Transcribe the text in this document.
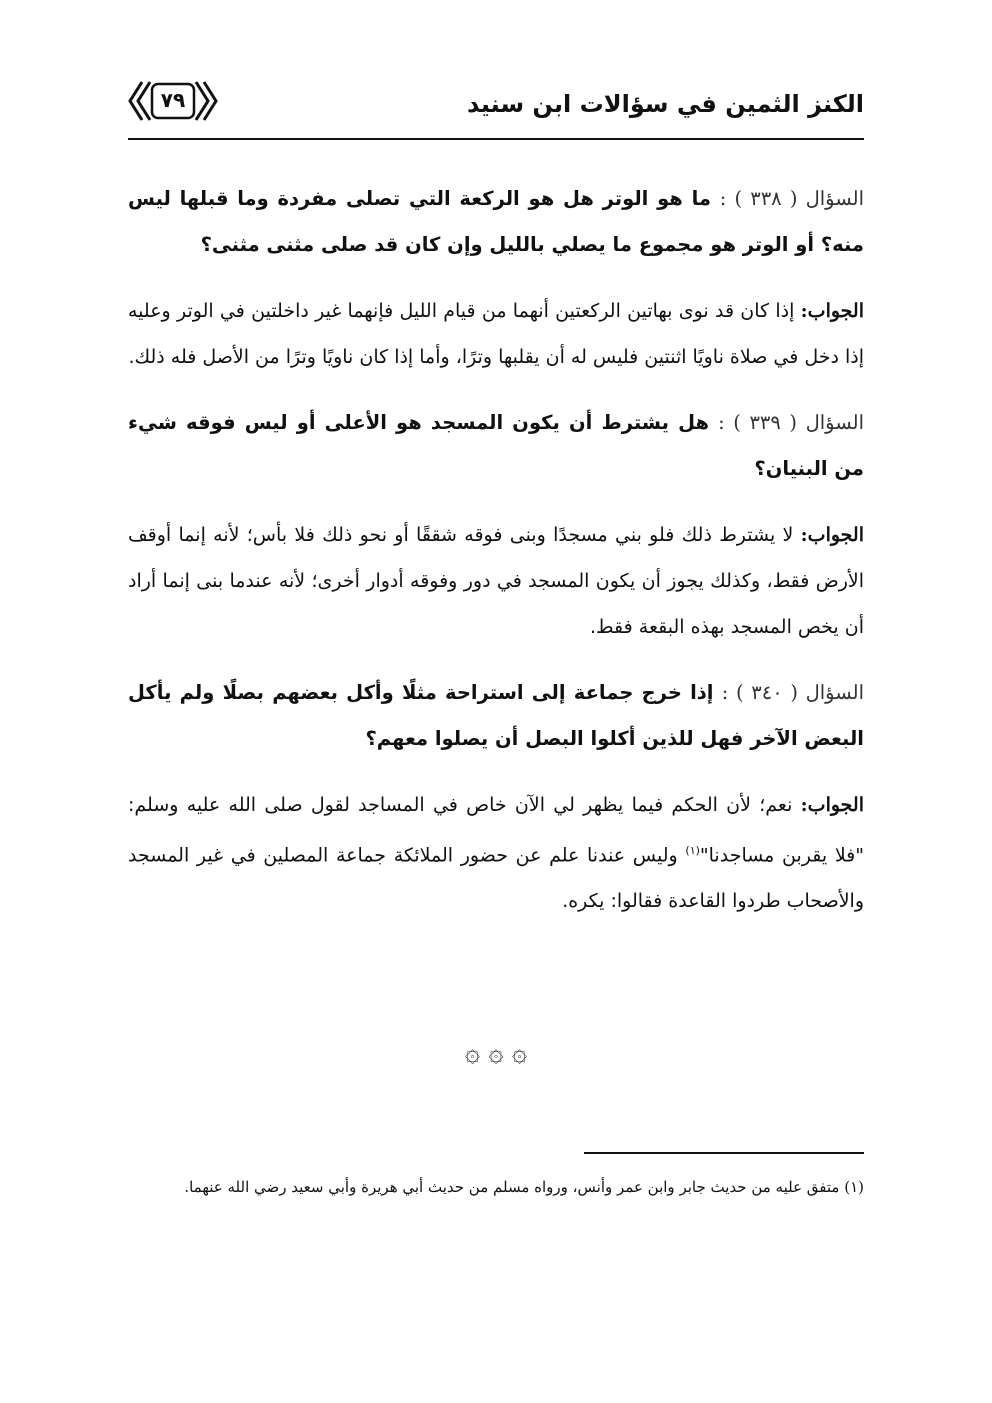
الكنز الثمين في سؤالات ابن سنيد
٧٩

السؤال ( ٣٣٨ ) : ما هو الوتر هل هو الركعة التي تصلى مفردة وما قبلها ليس منه؟ أو الوتر هو مجموع ما يصلي بالليل وإن كان قد صلى مثنى مثنى؟

الجواب: إذا كان قد نوى بهاتين الركعتين أنهما من قيام الليل فإنهما غير داخلتين في الوتر وعليه إذا دخل في صلاة ناويًا اثنتين فليس له أن يقلبها وترًا، وأما إذا كان ناويًا وترًا من الأصل فله ذلك.

السؤال ( ٣٣٩ ) : هل يشترط أن يكون المسجد هو الأعلى أو ليس فوقه شيء من البنيان؟

الجواب: لا يشترط ذلك فلو بني مسجدًا وبنى فوقه شققًا أو نحو ذلك فلا بأس؛ لأنه إنما أوقف الأرض فقط، وكذلك يجوز أن يكون المسجد في دور وفوقه أدوار أخرى؛ لأنه عندما بنى إنما أراد أن يخص المسجد بهذه البقعة فقط.

السؤال ( ٣٤٠ ) : إذا خرج جماعة إلى استراحة مثلًا وأكل بعضهم بصلًا ولم يأكل البعض الآخر فهل للذين أكلوا البصل أن يصلوا معهم؟

الجواب: نعم؛ لأن الحكم فيما يظهر لي الآن خاص في المساجد لقول صلى الله عليه وسلم: "فلا يقربن مساجدنا"$^{(١)}$ وليس عندنا علم عن حضور الملائكة جماعة المصلين في غير المسجد والأصحاب طردوا القاعدة فقالوا: يكره.

۞ ۞ ۞
(١) متفق عليه من حديث جابر وابن عمر وأنس، ورواه مسلم من حديث أبي هريرة وأبي سعيد رضي الله عنهما.
